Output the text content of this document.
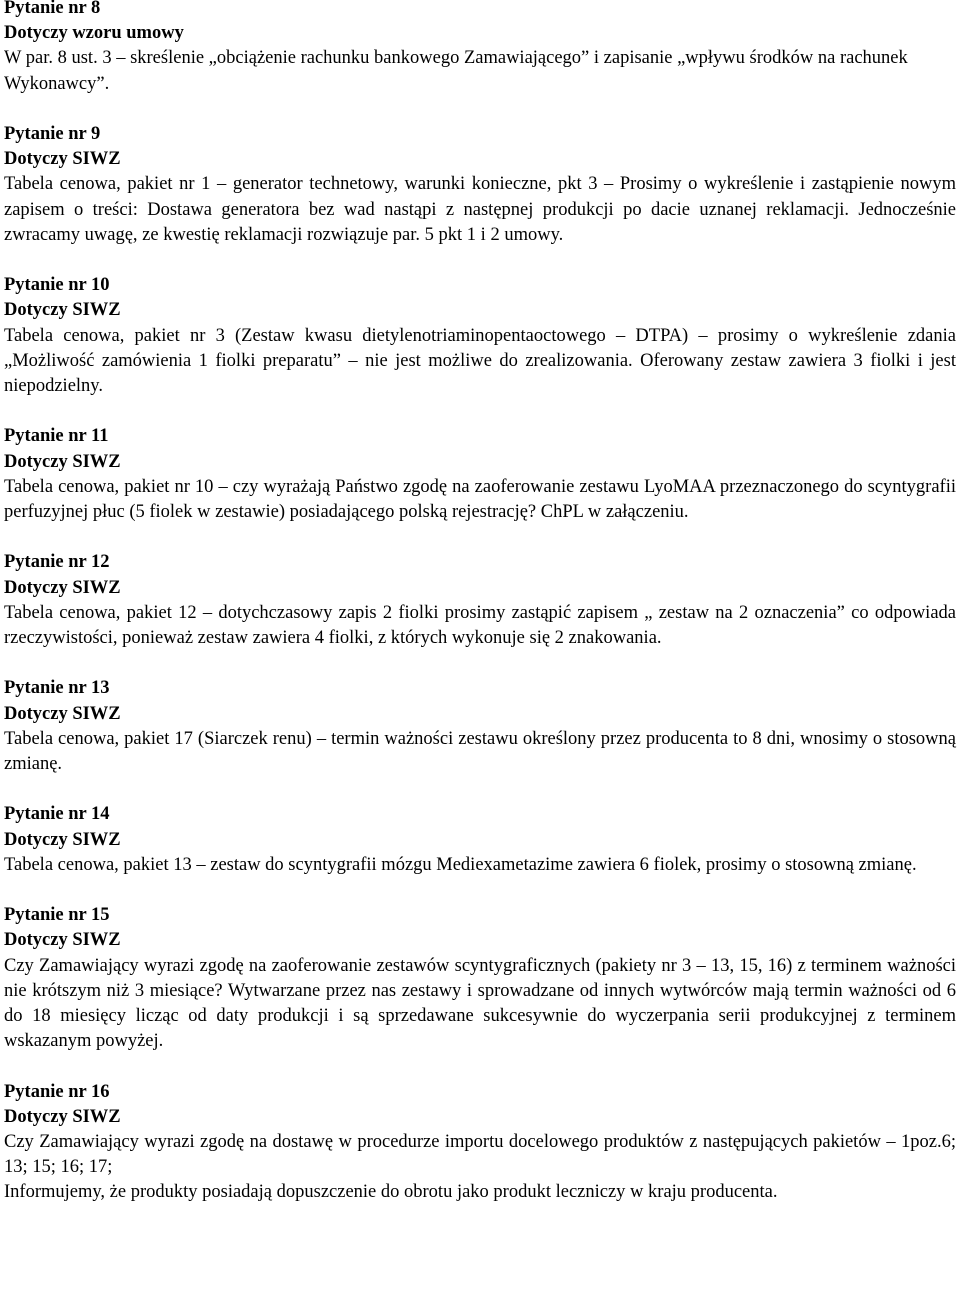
Pytanie nr 8
Dotyczy wzoru umowy
W par. 8 ust. 3 – skreślenie „obciążenie rachunku bankowego Zamawiającego” i zapisanie „wpływu środków na rachunek Wykonawcy”.
Pytanie nr 9
Dotyczy SIWZ
Tabela cenowa, pakiet nr 1 – generator technetowy, warunki konieczne, pkt 3 – Prosimy o wykreślenie i zastąpienie nowym zapisem o treści: Dostawa generatora bez wad nastąpi z następnej produkcji po dacie uznanej reklamacji. Jednocześnie zwracamy uwagę, ze kwestię reklamacji rozwiązuje par. 5 pkt 1 i 2 umowy.
Pytanie nr 10
Dotyczy SIWZ
Tabela cenowa, pakiet nr 3 (Zestaw kwasu dietylenotriaminopentaoctowego – DTPA) – prosimy o wykreślenie zdania „Możliwość zamówienia 1 fiolki preparatu” – nie jest możliwe do zrealizowania. Oferowany zestaw zawiera 3 fiolki i jest niepodzielny.
Pytanie nr 11
Dotyczy SIWZ
Tabela cenowa, pakiet nr 10 – czy wyrażają Państwo zgodę na zaoferowanie zestawu LyoMAA przeznaczonego do scyntygrafii perfuzyjnej płuc (5 fiolek w zestawie) posiadającego polską rejestrację? ChPL w załączeniu.
Pytanie nr 12
Dotyczy SIWZ
Tabela cenowa, pakiet 12 – dotychczasowy zapis 2 fiolki prosimy zastąpić zapisem „ zestaw na 2 oznaczenia” co odpowiada rzeczywistości, ponieważ zestaw zawiera 4 fiolki, z których wykonuje się 2 znakowania.
Pytanie nr 13
Dotyczy SIWZ
Tabela cenowa, pakiet 17 (Siarczek renu) – termin ważności zestawu określony przez producenta to 8 dni, wnosimy o stosowną zmianę.
Pytanie nr 14
Dotyczy SIWZ
Tabela cenowa, pakiet 13 – zestaw do scyntygrafii mózgu Mediexametazime zawiera 6 fiolek, prosimy o stosowną zmianę.
Pytanie nr 15
Dotyczy SIWZ
Czy Zamawiający wyrazi zgodę na zaoferowanie zestawów scyntygraficznych (pakiety nr 3 – 13, 15, 16) z terminem ważności nie krótszym niż 3 miesiące? Wytwarzane przez nas zestawy i sprowadzane od innych wytwórców mają termin ważności od 6 do 18 miesięcy licząc od daty produkcji i są sprzedawane sukcesywnie do wyczerpania serii produkcyjnej z terminem wskazanym powyżej.
Pytanie nr 16
Dotyczy SIWZ
Czy Zamawiający wyrazi zgodę na dostawę w procedurze importu docelowego produktów z następujących pakietów – 1poz.6; 13; 15; 16; 17;
Informujemy, że produkty posiadają dopuszczenie do obrotu jako produkt leczniczy w kraju producenta.
